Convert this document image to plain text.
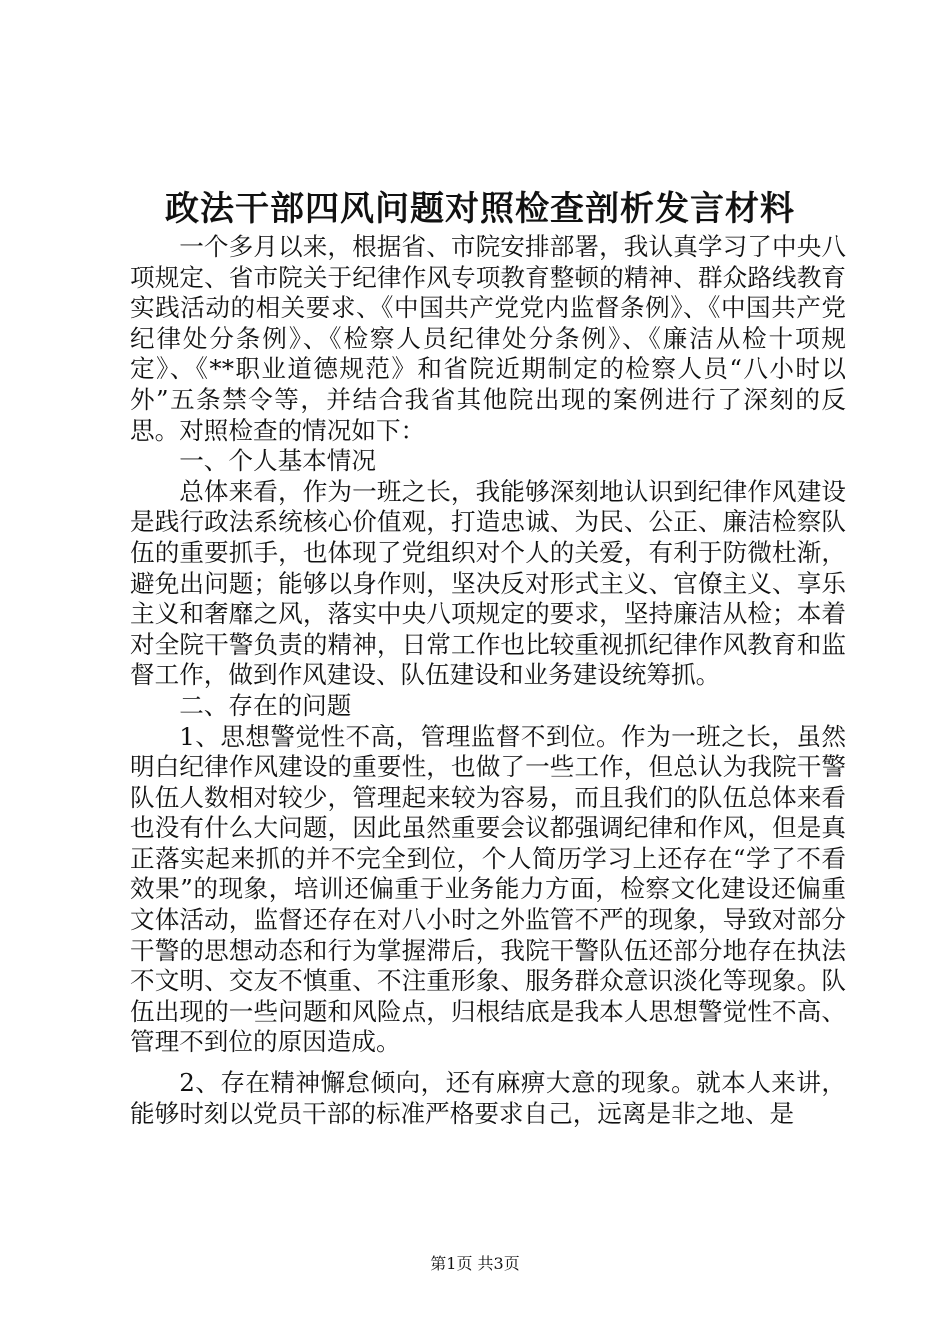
政法干部四风问题对照检查剖析发言材料

一个多月以来，根据省、市院安排部署，我认真学习了中央八项规定、省市院关于纪律作风专项教育整顿的精神、群众路线教育实践活动的相关要求、《中国共产党党内监督条例》、《中国共产党纪律处分条例》、《检察人员纪律处分条例》、《廉洁从检十项规定》、《**职业道德规范》和省院近期制定的检察人员“八小时以外”五条禁令等，并结合我省其他院出现的案例进行了深刻的反思。对照检查的情况如下：

一、个人基本情况

总体来看，作为一班之长，我能够深刻地认识到纪律作风建设是践行政法系统核心价值观，打造忠诚、为民、公正、廉洁检察队伍的重要抓手，也体现了党组织对个人的关爱，有利于防微杜渐，避免出问题；能够以身作则，坚决反对形式主义、官僚主义、享乐主义和奢靡之风，落实中央八项规定的要求，坚持廉洁从检；本着对全院干警负责的精神，日常工作也比较重视抓纪律作风教育和监督工作，做到作风建设、队伍建设和业务建设统筹抓。

二、存在的问题

1、思想警觉性不高，管理监督不到位。作为一班之长，虽然明白纪律作风建设的重要性，也做了一些工作，但总认为我院干警队伍人数相对较少，管理起来较为容易，而且我们的队伍总体来看也没有什么大问题，因此虽然重要会议都强调纪律和作风，但是真正落实起来抓的并不完全到位，个人简历学习上还存在“学了不看效果”的现象，培训还偏重于业务能力方面，检察文化建设还偏重文体活动，监督还存在对八小时之外监管不严的现象，导致对部分干警的思想动态和行为掌握滞后，我院干警队伍还部分地存在执法不文明、交友不慎重、不注重形象、服务群众意识淡化等现象。队伍出现的一些问题和风险点，归根结底是我本人思想警觉性不高、管理不到位的原因造成。

2、存在精神懈怠倾向，还有麻痹大意的现象。就本人来讲，能够时刻以党员干部的标准严格要求自己，远离是非之地、是

第1页 共3页
